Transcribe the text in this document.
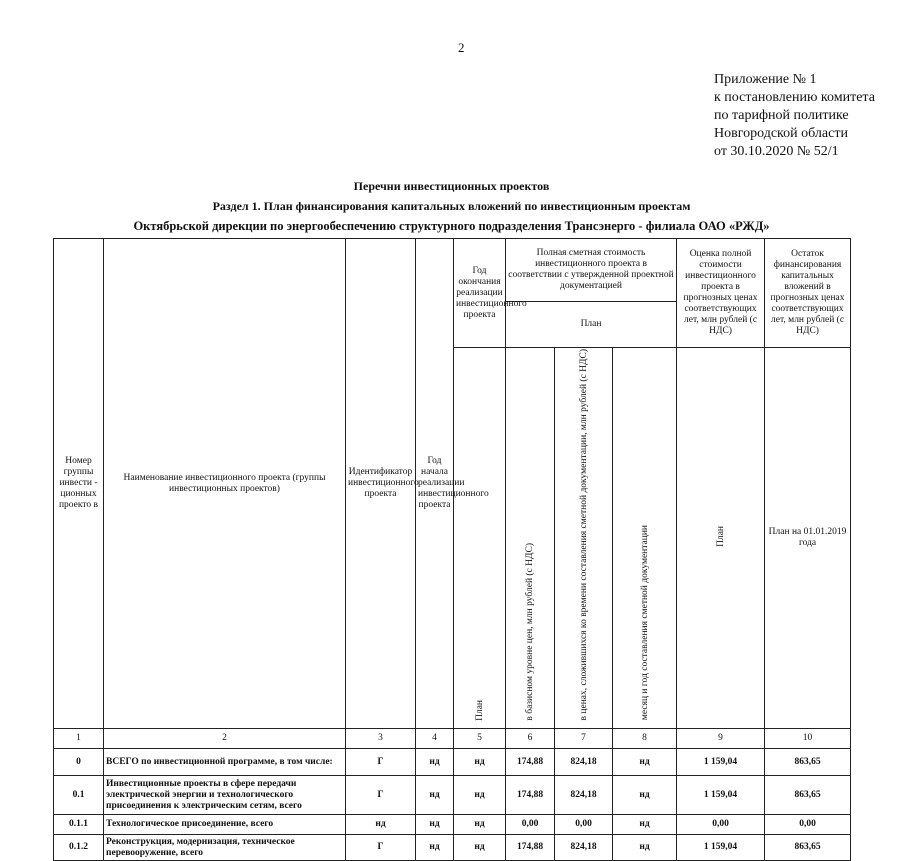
2
Приложение № 1
к постановлению комитета
по тарифной политике
Новгородской области
от 30.10.2020 № 52/1
Перечни инвестиционных проектов
Раздел 1. План финансирования капитальных вложений по инвестиционным проектам
Октябрьской дирекции по энергообеспечению структурного подразделения Трансэнерго - филиала ОАО «РЖД»
Номер группы инвести - ционных проекто в	Наименование инвестиционного проекта (группы инвестиционных проектов)	Идентификатор инвестиционного проекта	Год начала реализации инвестиционного проекта	Год окончания реализации инвестиционного проекта	Полная сметная стоимость инвестиционного проекта в соответствии с утвержденной проектной документацией			Оценка полной стоимости инвестиционного проекта в прогнозных ценах соответствующих лет, млн рублей (с НДС)	Остаток финансирования капитальных вложений в прогнозных ценах соответствующих лет, млн рублей (с НДС)
					План				
				План	в базисном уровне цен, млн рублей (с НДС)	в ценах, сложившихся ко времени составления сметной документации, млн рублей (с НДС)	месяц и год составления сметной документации	План	План на 01.01.2019 года
1	2	3	4	5	6	7	8	9	10
0	ВСЕГО по инвестиционной программе, в том числе:	Г	нд	нд	174,88	824,18	нд	1 159,04	863,65
0.1	Инвестиционные проекты в сфере передачи электрической энергии и технологического присоединения к электрическим сетям, всего	Г	нд	нд	174,88	824,18	нд	1 159,04	863,65
0.1.1	Технологическое присоединение, всего	нд	нд	нд	0,00	0,00	нд	0,00	0,00
0.1.2	Реконструкция, модернизация, техническое перевооружение, всего	Г	нд	нд	174,88	824,18	нд	1 159,04	863,65
